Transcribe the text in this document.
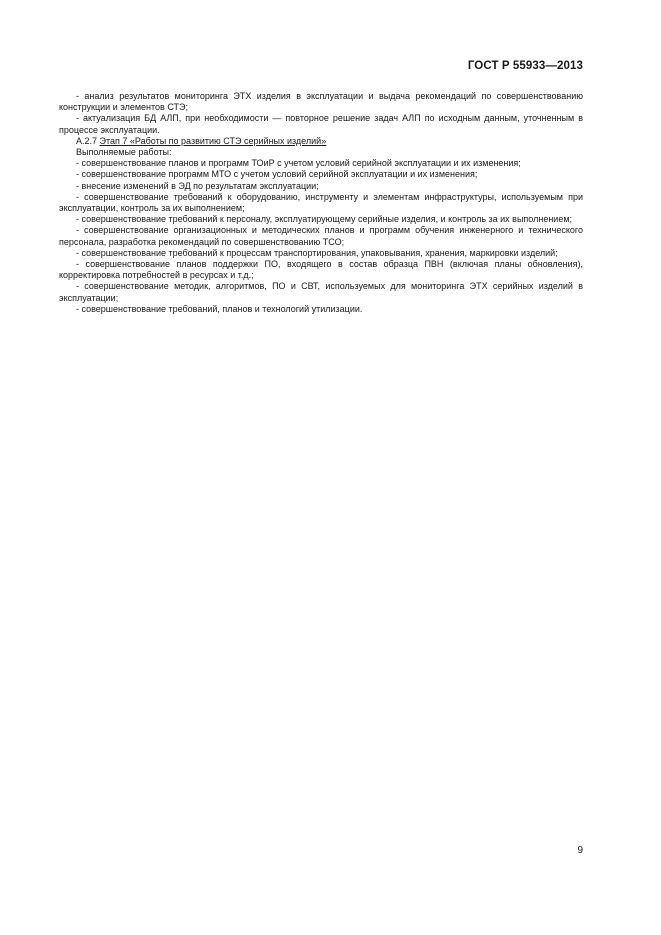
ГОСТ Р 55933—2013

- анализ результатов мониторинга ЭТХ изделия в эксплуатации и выдача рекомендаций по совершенствованию конструкции и элементов СТЭ;

- актуализация БД АЛП, при необходимости — повторное решение задач АЛП по исходным данным, уточненным в процессе эксплуатации.

А.2.7 Этап 7 «Работы по развитию СТЭ серийных изделий»

Выполняемые работы:

- совершенствование планов и программ ТОиР с учетом условий серийной эксплуатации и их изменения;

- совершенствование программ МТО с учетом условий серийной эксплуатации и их изменения;

- внесение изменений в ЭД по результатам эксплуатации;

- совершенствование требований к оборудованию, инструменту и элементам инфраструктуры, используемым при эксплуатации, контроль за их выполнением;

- совершенствование требований к персоналу, эксплуатирующему серийные изделия, и контроль за их выполнением;

- совершенствование организационных и методических планов и программ обучения инженерного и технического персонала, разработка рекомендаций по совершенствованию ТСО;

- совершенствование требований к процессам транспортирования, упаковывания, хранения, маркировки изделий;

- совершенствование планов поддержки ПО, входящего в состав образца ПВН (включая планы обновления), корректировка потребностей в ресурсах и т.д.;

- совершенствование методик, алгоритмов, ПО и СВТ, используемых для мониторинга ЭТХ серийных изделий в эксплуатации;

- совершенствование требований, планов и технологий утилизации.

9
